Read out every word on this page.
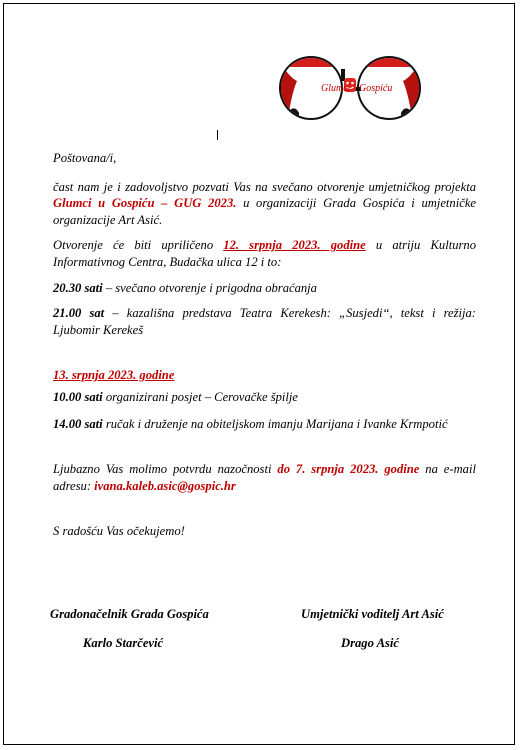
Glumci Gospiću

Poštovana/i,

čast nam je i zadovoljstvo pozvati Vas na svečano otvorenje umjetničkog projekta Glumci u Gospiću – GUG 2023. u organizaciji Grada Gospića i umjetničke organizacije Art Asić.

Otvorenje će biti upriličeno 12. srpnja 2023. godine u atriju Kulturno Informativnog Centra, Budačka ulica 12 i to:

20.30 sati – svečano otvorenje i prigodna obraćanja

21.00 sat – kazališna predstava Teatra Kerekesh: „Susjedi“, tekst i režija: Ljubomir Kerekeš

13. srpnja 2023. godine

10.00 sati organizirani posjet – Cerovačke špilje

14.00 sati ručak i druženje na obiteljskom imanju Marijana i Ivanke Krmpotić

Ljubazno Vas molimo potvrdu nazočnosti do 7. srpnja 2023. godine na e-mail adresu: ivana.kaleb.asic@gospic.hr

S radošću Vas očekujemo!

Gradonačelnik Grada Gospića
Karlo Starčević
Umjetnički voditelj Art Asić
Drago Asić
